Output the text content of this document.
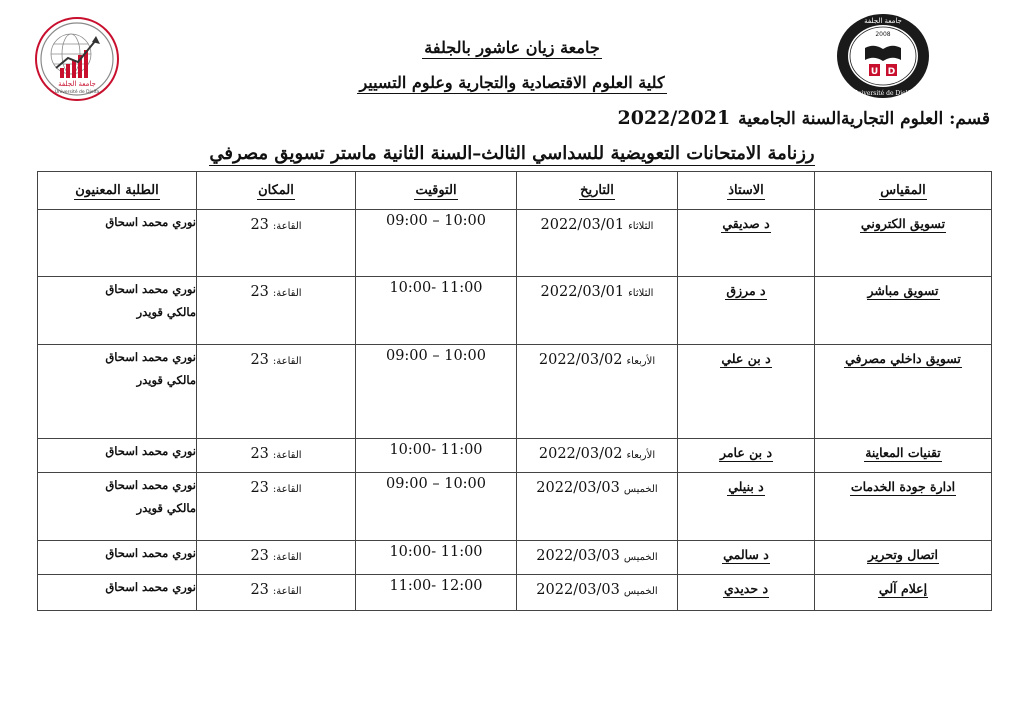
جامعة الجلفة
Université de Djelfa
جامعة الجلفة
Université de Djelfa
2008
U D
جامعة زيان عاشور بالجلفة
كلية العلوم الاقتصادية والتجارية وعلوم التسيير
قسم: العلوم التجاريةالسنة الجامعية 2022/2021
رزنامة الامتحانات التعويضية للسداسي الثالث–السنة الثانية ماستر تسويق مصرفي
المقياس	الاستاذ	التاريخ	التوقيت	المكان	الطلبة المعنيون
تسويق الكتروني	د صديقي	الثلاثاء2022/03/01	09:00 – 10:00	القاعة:23	نوري محمد اسحاق

تسويق مباشر	د مرزق	الثلاثاء2022/03/01	10:00- 11:00	القاعة:23	نوري محمد اسحاق
مالكي قويدر

تسويق داخلي مصرفي	د بن علي	الأربعاء2022/03/02	09:00 – 10:00	القاعة:23	نوري محمد اسحاق
مالكي قويدر

تقنيات المعاينة	د بن عامر	الأربعاء2022/03/02	10:00- 11:00	القاعة:23	نوري محمد اسحاق

ادارة جودة الخدمات	د بنيلي	الخميس2022/03/03	09:00 – 10:00	القاعة:23	نوري محمد اسحاق
مالكي قويدر

اتصال وتحرير	د سالمي	الخميس2022/03/03	10:00- 11:00	القاعة:23	نوري محمد اسحاق

إعلام آلي	د حديدي	الخميس2022/03/03	11:00- 12:00	القاعة:23	نوري محمد اسحاق
